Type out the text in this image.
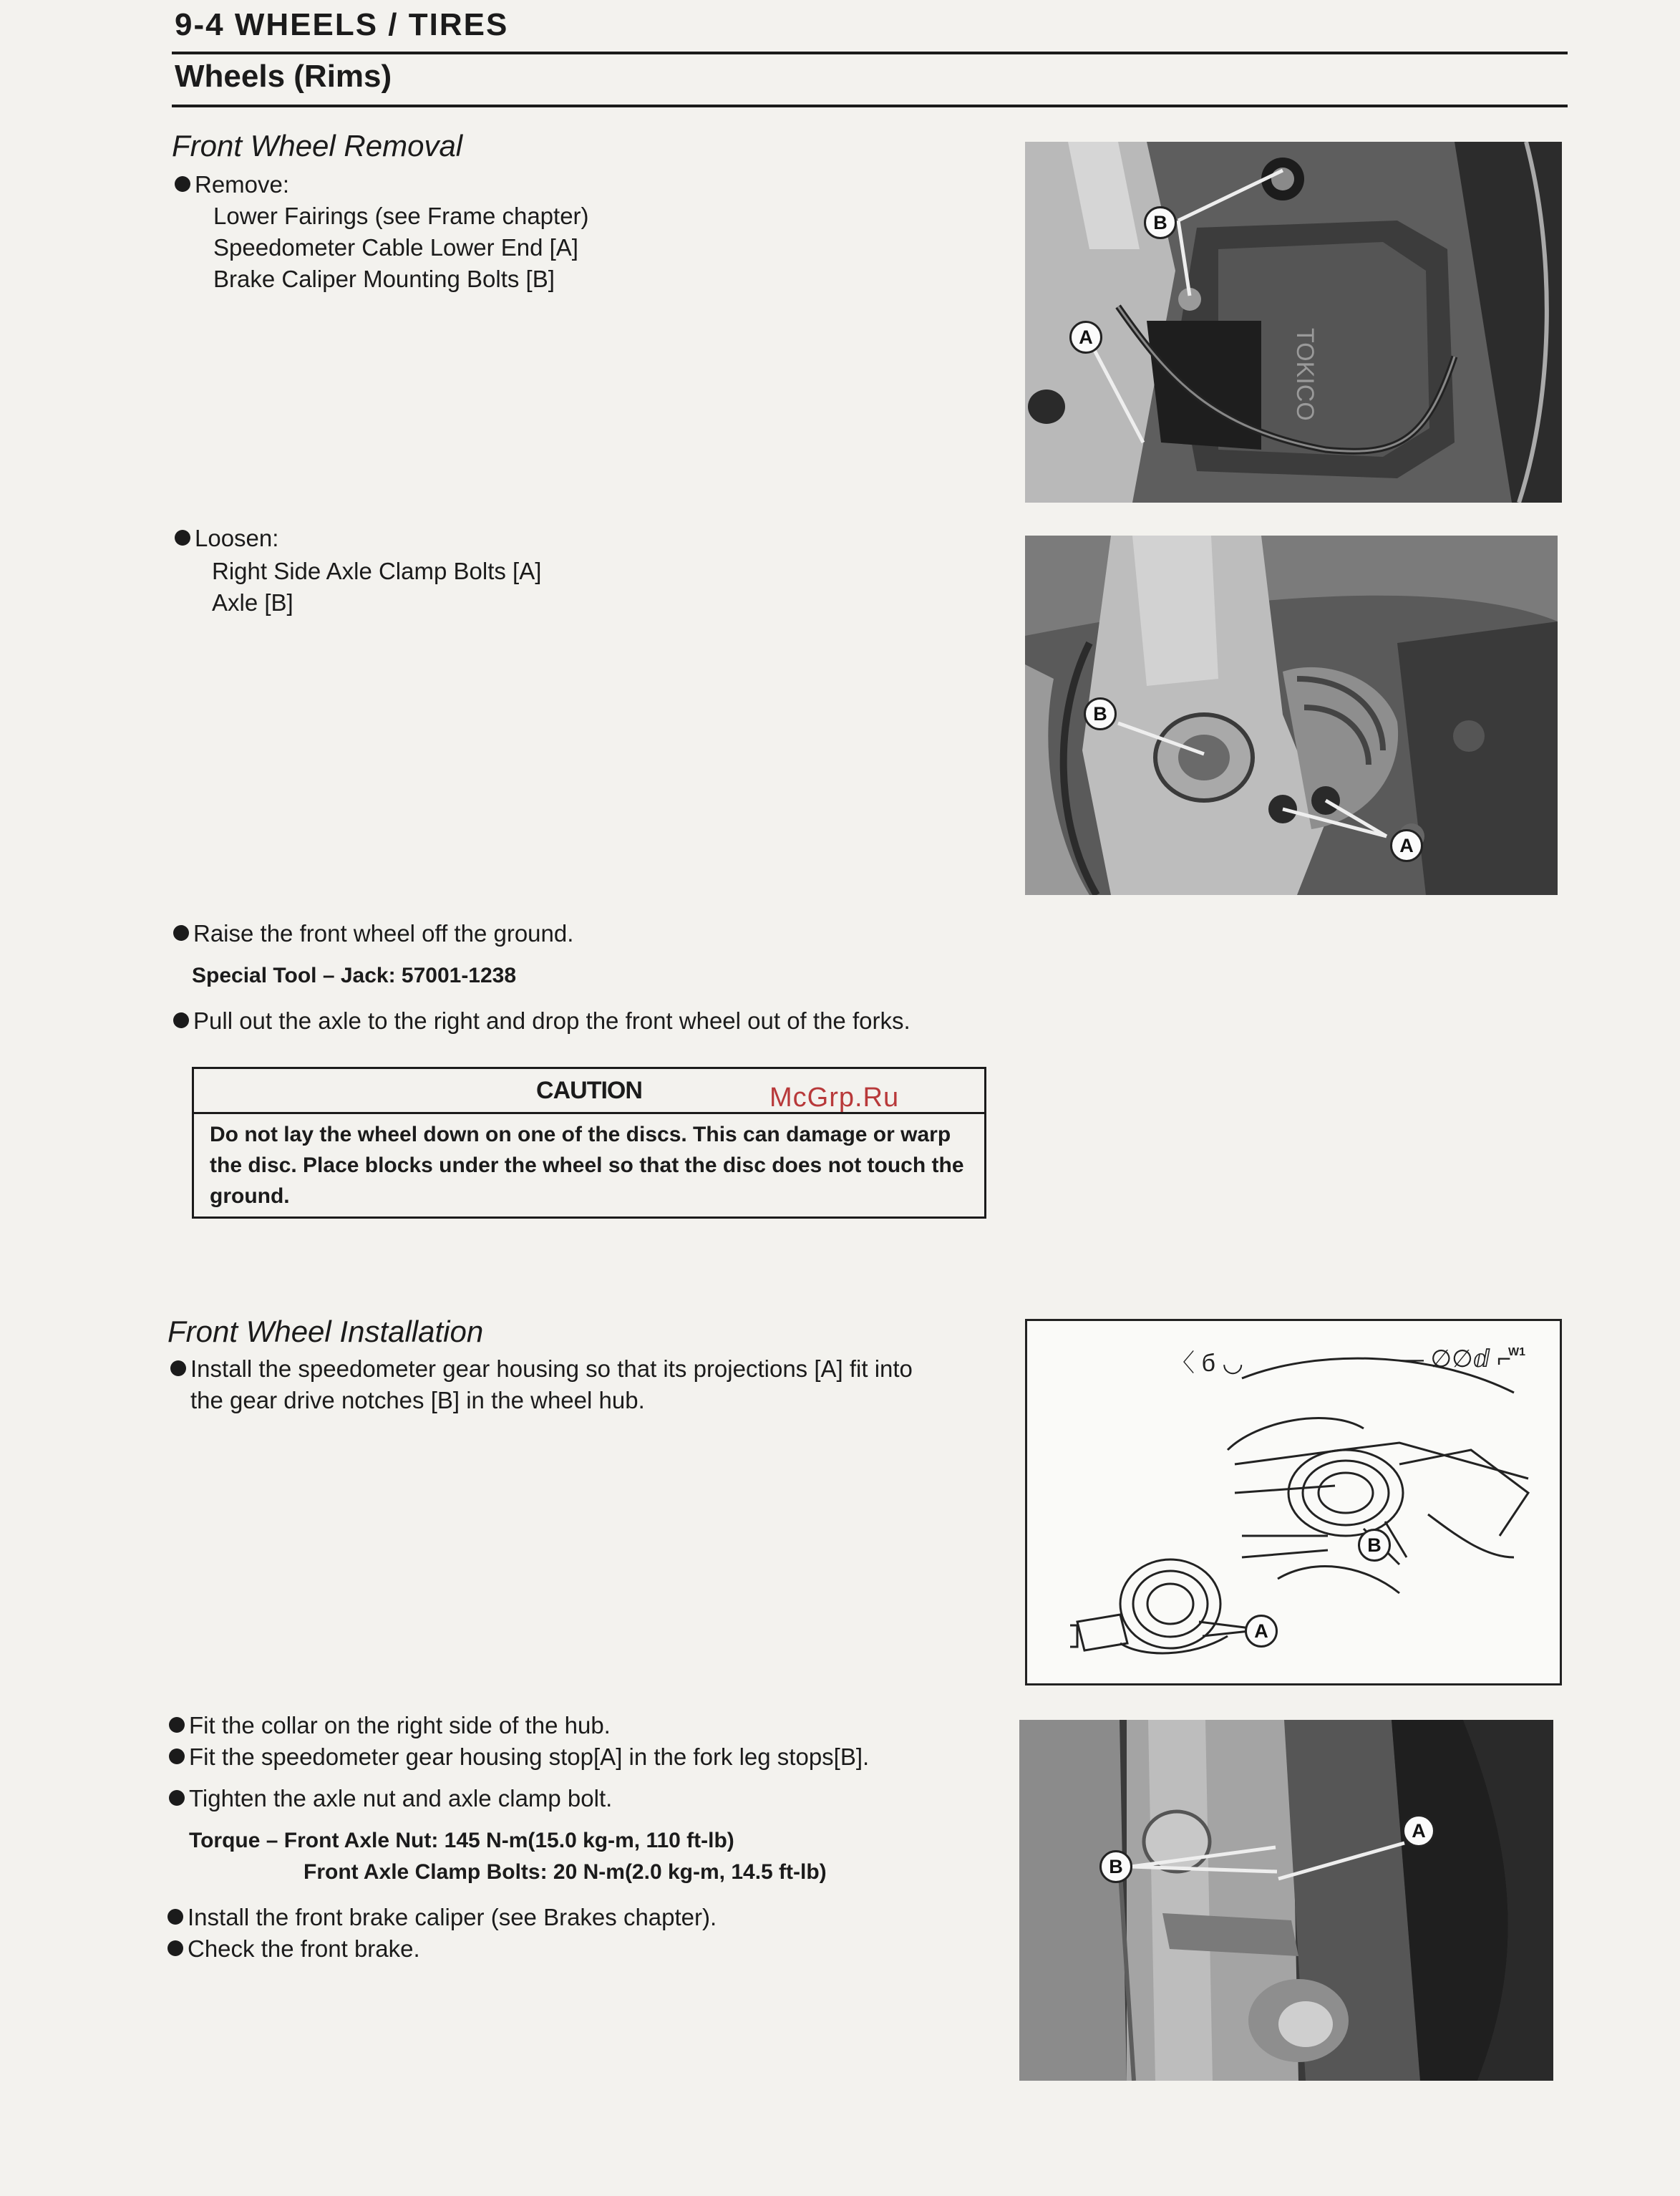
9-4 WHEELS / TIRES
Wheels (Rims)
Front Wheel Removal
Remove:
Lower Fairings (see Frame chapter)
Speedometer Cable Lower End [A]
Brake Caliper Mounting Bolts [B]
Loosen:
Right Side Axle Clamp Bolts [A]
Axle [B]
Raise the front wheel off the ground.
Special Tool – Jack: 57001-1238
Pull out the axle to the right and drop the front wheel out of the forks.
CAUTION
Do not lay the wheel down on one of the discs. This can damage or warp the disc. Place blocks under the wheel so that the disc does not touch the ground.
McGrp.Ru
Front Wheel Installation
Install the speedometer gear housing so that its projections [A] fit into
the gear drive notches [B] in the wheel hub.
Fit the collar on the right side of the hub.
Fit the speedometer gear housing stop[A] in the fork leg stops[B].
Tighten the axle nut and axle clamp bolt.
Torque – Front Axle Nut: 145 N-m(15.0 kg-m, 110 ft-lb)
Front Axle Clamp Bolts: 20 N-m(2.0 kg-m, 14.5 ft-lb)
Install the front brake caliper (see Brakes chapter).
Check the front brake.
TOKICO
B
A
B
A
〈 б ◡	— ∅∅ⅆ ⌐
W1
B
A
A
B
